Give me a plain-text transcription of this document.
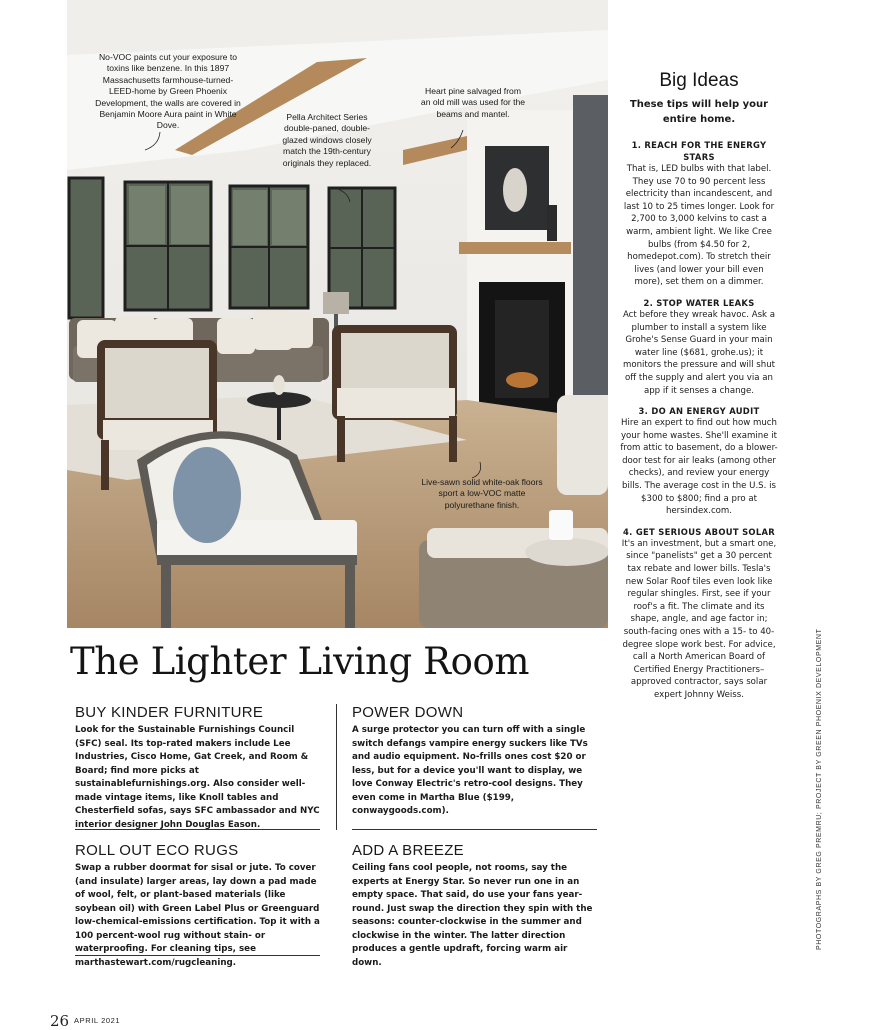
No-VOC paints cut your exposure to toxins like benzene. In this 1897 Massachusetts farmhouse-turned-LEED-home by Green Phoenix Development, the walls are covered in Benjamin Moore Aura paint in White Dove.
Pella Architect Series double-paned, double-glazed windows closely match the 19th-century originals they replaced.
Heart pine salvaged from an old mill was used for the beams and mantel.
Live-sawn solid white-oak floors sport a low-VOC matte polyurethane finish.
The Lighter Living Room
BUY KINDER FURNITURE

Look for the Sustainable Furnishings Council (SFC) seal. Its top-rated makers include Lee Industries, Cisco Home, Gat Creek, and Room & Board; find more picks at sustainablefurnishings.org. Also consider well-made vintage items, like Knoll tables and Chesterfield sofas, says SFC ambassador and NYC interior designer John Douglas Eason.

POWER DOWN

A surge protector you can turn off with a single switch defangs vampire energy suckers like TVs and audio equipment. No-frills ones cost $20 or less, but for a device you'll want to display, we love Conway Electric's retro-cool designs. They even come in Martha Blue ($199, conwaygoods.com).

ROLL OUT ECO RUGS

Swap a rubber doormat for sisal or jute. To cover (and insulate) larger areas, lay down a pad made of wool, felt, or plant-based materials (like soybean oil) with Green Label Plus or Greenguard low-chemical-emissions certification. Top it with a 100 percent-wool rug without stain- or waterproofing. For cleaning tips, see marthastewart.com/rugcleaning.

ADD A BREEZE

Ceiling fans cool people, not rooms, say the experts at Energy Star. So never run one in an empty space. That said, do use your fans year-round. Just swap the direction they spin with the seasons: counter-clockwise in the summer and clockwise in the winter. The latter direction produces a gentle updraft, forcing warm air down.

Big Ideas
These tips will help your entire home.
1. REACH FOR THE ENERGY STARS
That is, LED bulbs with that label. They use 70 to 90 percent less electricity than incandescent, and last 10 to 25 times longer. Look for 2,700 to 3,000 kelvins to cast a warm, ambient light. We like Cree bulbs (from $4.50 for 2, homedepot.com). To stretch their lives (and lower your bill even more), set them on a dimmer.
2. STOP WATER LEAKS
Act before they wreak havoc. Ask a plumber to install a system like Grohe's Sense Guard in your main water line ($681, grohe.us); it monitors the pressure and will shut off the supply and alert you via an app if it senses a change.
3. DO AN ENERGY AUDIT
Hire an expert to find out how much your home wastes. She'll examine it from attic to basement, do a blower-door test for air leaks (among other checks), and review your energy bills. The average cost in the U.S. is $300 to $800; find a pro at hersindex.com.
4. GET SERIOUS ABOUT SOLAR
It's an investment, but a smart one, since "panelists" get a 30 percent tax rebate and lower bills. Tesla's new Solar Roof tiles even look like regular shingles. First, see if your roof's a fit. The climate and its shape, angle, and age factor in; south-facing ones with a 15- to 40-degree slope work best. For advice, call a North American Board of Certified Energy Practitioners–approved contractor, says solar expert Johnny Weiss.	PHOTOGRAPHS BY GREG PREMRU; PROJECT BY GREEN PHOENIX DEVELOPMENT
26 APRIL 2021
